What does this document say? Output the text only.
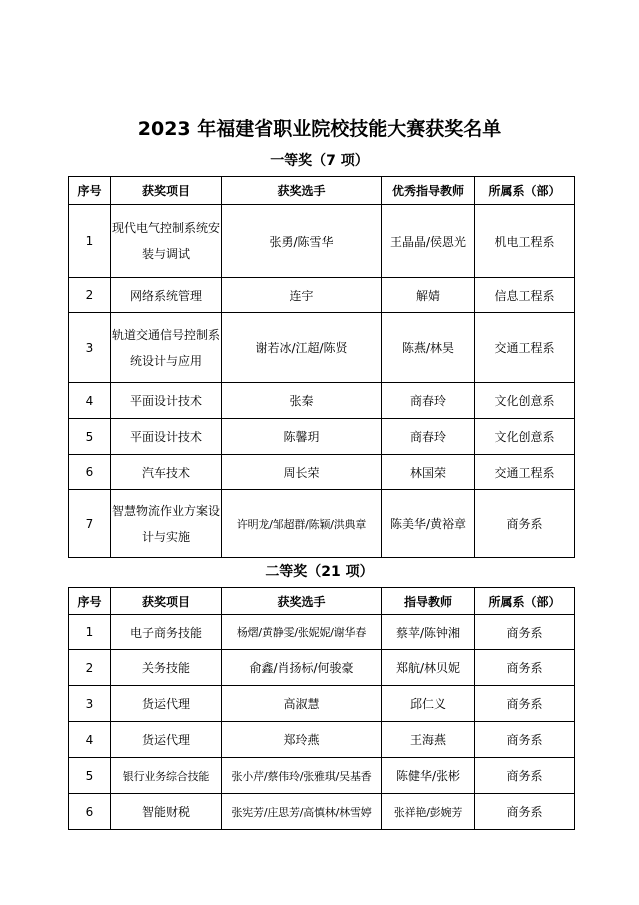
2023 年福建省职业院校技能大赛获奖名单
一等奖（7 项）
序号	获奖项目	获奖选手	优秀指导教师	所属系（部）
1	现代电气控制系统安装与调试	张勇/陈雪华	王晶晶/侯恩光	机电工程系
2	网络系统管理	连宇	解婧	信息工程系
3	轨道交通信号控制系统设计与应用	谢若冰/江超/陈贤	陈燕/林昊	交通工程系
4	平面设计技术	张秦	商春玲	文化创意系
5	平面设计技术	陈馨玥	商春玲	文化创意系
6	汽车技术	周长荣	林国荣	交通工程系
7	智慧物流作业方案设计与实施	许明龙/邹超群/陈颖/洪典章	陈美华/黄裕章	商务系
二等奖（21 项）
序号	获奖项目	获奖选手	指导教师	所属系（部）
1	电子商务技能	杨熠/黄静雯/张妮妮/谢华春	蔡苹/陈钟湘	商务系
2	关务技能	俞鑫/肖扬标/何骏豪	郑航/林贝妮	商务系
3	货运代理	高淑慧	邱仁义	商务系
4	货运代理	郑玲燕	王海燕	商务系
5	银行业务综合技能	张小芹/蔡伟玲/张雅琪/吴基香	陈健华/张彬	商务系
6	智能财税	张宪芳/庄思芳/高慎林/林雪婷	张祥艳/彭婉芳	商务系
